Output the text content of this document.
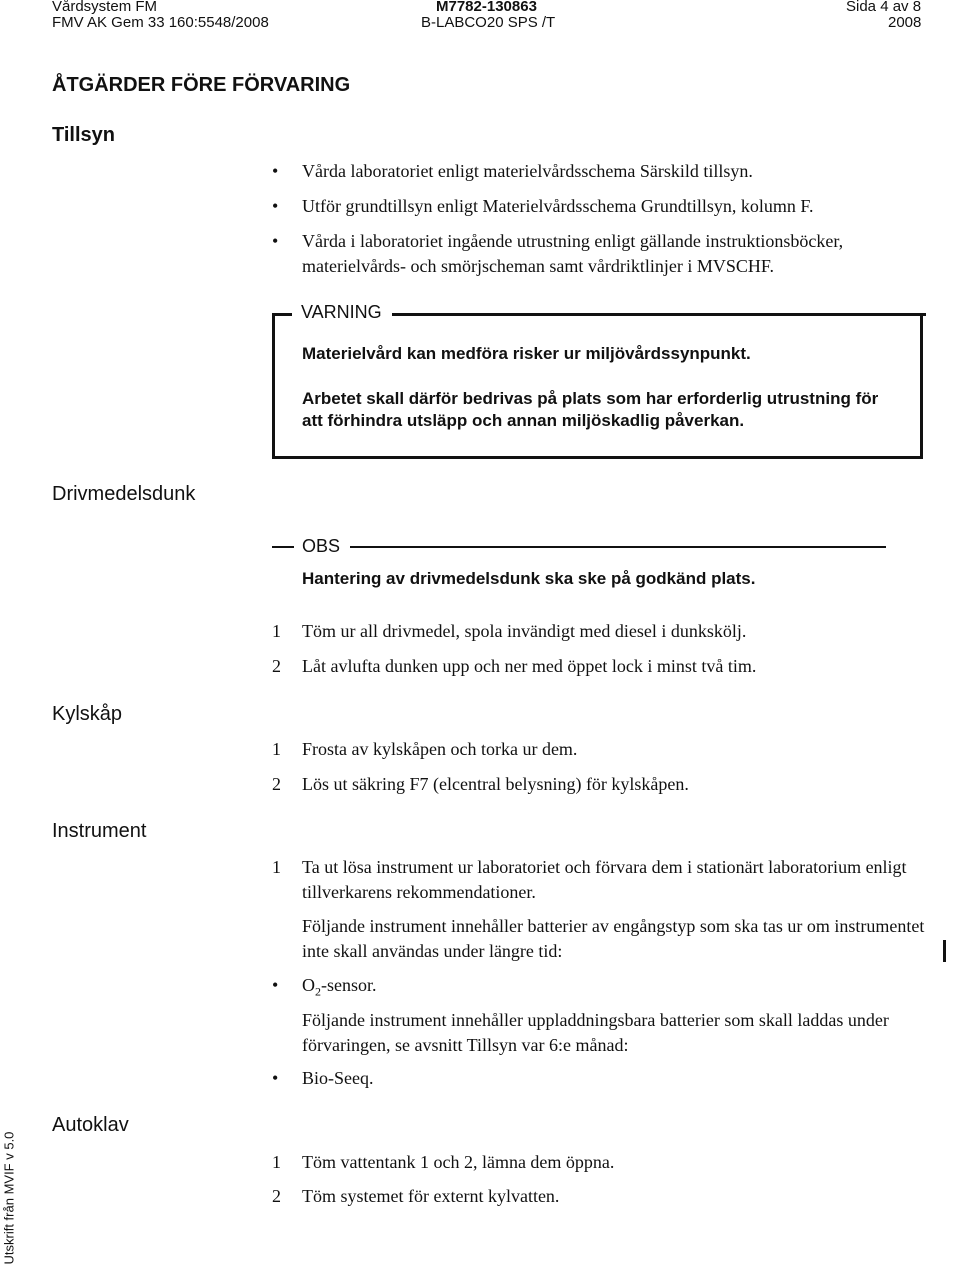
Vårdsystem FM
FMV AK Gem 33 160:5548/2008
M7782-130863
B-LABCO20 SPS /T
Sida 4 av 8
2008
ÅTGÄRDER FÖRE FÖRVARING
Tillsyn
• Vårda laboratoriet enligt materielvårdsschema Särskild tillsyn.
• Utför grundtillsyn enligt Materielvårdsschema Grundtillsyn, kolumn F.
• Vårda i laboratoriet ingående utrustning enligt gällande instruktionsböcker, materielvårds- och smörjscheman samt vårdriktlinjer i MVSCHF.
VARNING
Materielvård kan medföra risker ur miljövårdssynpunkt.
Arbetet skall därför bedrivas på plats som har erforderlig utrustning för att förhindra utsläpp och annan miljöskadlig påverkan.
Drivmedelsdunk
OBS
Hantering av drivmedelsdunk ska ske på godkänd plats.
1 Töm ur all drivmedel, spola invändigt med diesel i dunkskölj.
2 Låt avlufta dunken upp och ner med öppet lock i minst två tim.
Kylskåp
1 Frosta av kylskåpen och torka ur dem.
2 Lös ut säkring F7 (elcentral belysning) för kylskåpen.
Instrument
1 Ta ut lösa instrument ur laboratoriet och förvara dem i stationärt laboratorium enligt tillverkarens rekommendationer.
Följande instrument innehåller batterier av engångstyp som ska tas ur om instrumentet inte skall användas under längre tid:
• $O_2$-sensor.
Följande instrument innehåller uppladdningsbara batterier som skall laddas under förvaringen, se avsnitt Tillsyn var 6:e månad:
• Bio-Seeq.
Autoklav
1 Töm vattentank 1 och 2, lämna dem öppna.
2 Töm systemet för externt kylvatten.
Utskrift från MVIF v 5.0
